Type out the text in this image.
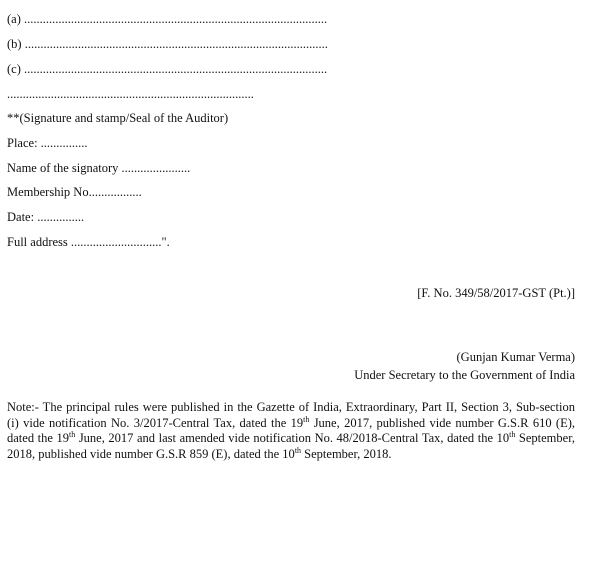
(a) .................................................................................................
(b) .................................................................................................
(c) .................................................................................................
...............................................................................
**(Signature and stamp/Seal of the Auditor)
Place: ...............
Name of the signatory ......................
Membership No.................
Date: ...............
Full address .............................".
[F. No. 349/58/2017-GST (Pt.)]
(Gunjan Kumar Verma)
Under Secretary to the Government of India
Note:- The principal rules were published in the Gazette of India, Extraordinary, Part II, Section 3, Sub-section (i) vide notification No. 3/2017-Central Tax, dated the 19th June, 2017, published vide number G.S.R 610 (E), dated the 19th June, 2017 and last amended vide notification No. 48/2018-Central Tax, dated the 10th September, 2018, published vide number G.S.R 859 (E), dated the 10th September, 2018.
